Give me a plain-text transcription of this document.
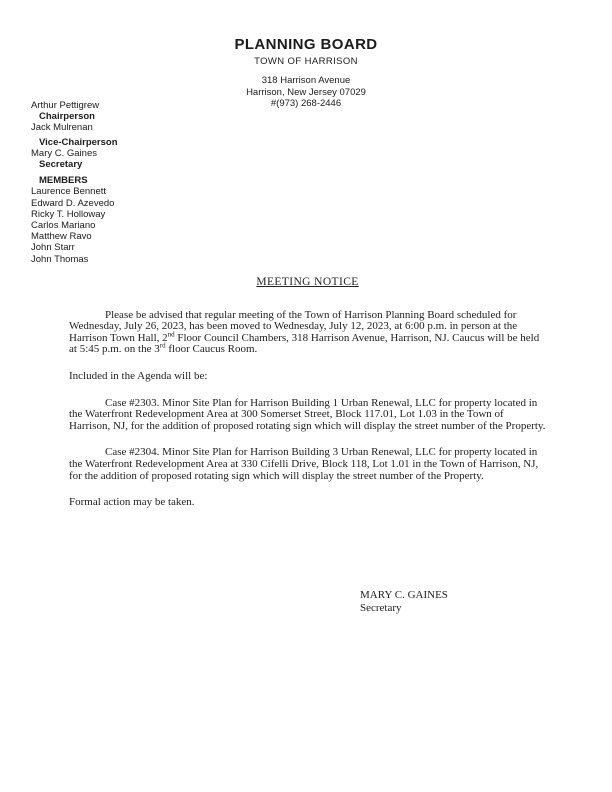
PLANNING BOARD
TOWN OF HARRISON
318 Harrison Avenue
Harrison, New Jersey 07029
#(973) 268-2446
Arthur Pettigrew
Chairperson
Jack Mulrenan
Vice-Chairperson
Mary C. Gaines
Secretary
MEMBERS
Laurence Bennett
Edward D. Azevedo
Ricky T. Holloway
Carlos Mariano
Matthew Ravo
John Starr
John Thomas
MEETING NOTICE

Please be advised that regular meeting of the Town of Harrison Planning Board scheduled for Wednesday, July 26, 2023, has been moved to Wednesday, July 12, 2023, at 6:00 p.m. in person at the Harrison Town Hall, 2nd Floor Council Chambers, 318 Harrison Avenue, Harrison, NJ. Caucus will be held at 5:45 p.m. on the 3rd floor Caucus Room.

Included in the Agenda will be:

Case #2303. Minor Site Plan for Harrison Building 1 Urban Renewal, LLC for property located in the Waterfront Redevelopment Area at 300 Somerset Street, Block 117.01, Lot 1.03 in the Town of Harrison, NJ, for the addition of proposed rotating sign which will display the street number of the Property.

Case #2304. Minor Site Plan for Harrison Building 3 Urban Renewal, LLC for property located in the Waterfront Redevelopment Area at 330 Cifelli Drive, Block 118, Lot 1.01 in the Town of Harrison, NJ, for the addition of proposed rotating sign which will display the street number of the Property.

Formal action may be taken.

MARY C. GAINES
Secretary
